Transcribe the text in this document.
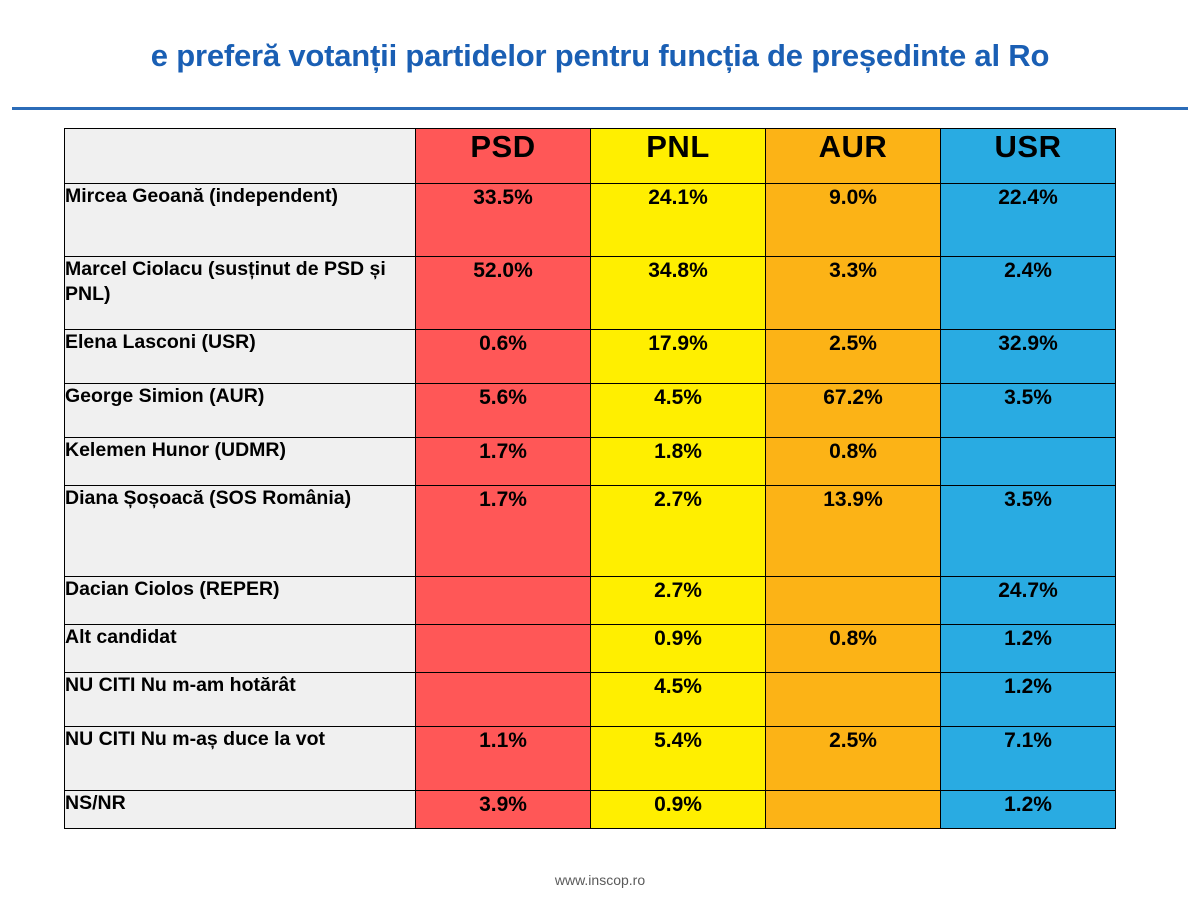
e preferă votanții partidelor pentru funcția de președinte al Ro
	PSD	PNL	AUR	USR
Mircea Geoană (independent)	33.5%	24.1%	9.0%	22.4%
Marcel Ciolacu (susținut de PSD și PNL)	52.0%	34.8%	3.3%	2.4%
Elena Lasconi (USR)	0.6%	17.9%	2.5%	32.9%
George Simion (AUR)	5.6%	4.5%	67.2%	3.5%
Kelemen Hunor (UDMR)	1.7%	1.8%	0.8%	
Diana Șoșoacă (SOS România)	1.7%	2.7%	13.9%	3.5%
Dacian Ciolos (REPER)		2.7%		24.7%
Alt candidat		0.9%	0.8%	1.2%
NU CITI Nu m-am hotărât		4.5%		1.2%
NU CITI Nu m-aș duce la vot	1.1%	5.4%	2.5%	7.1%
NS/NR	3.9%	0.9%		1.2%
www.inscop.ro
